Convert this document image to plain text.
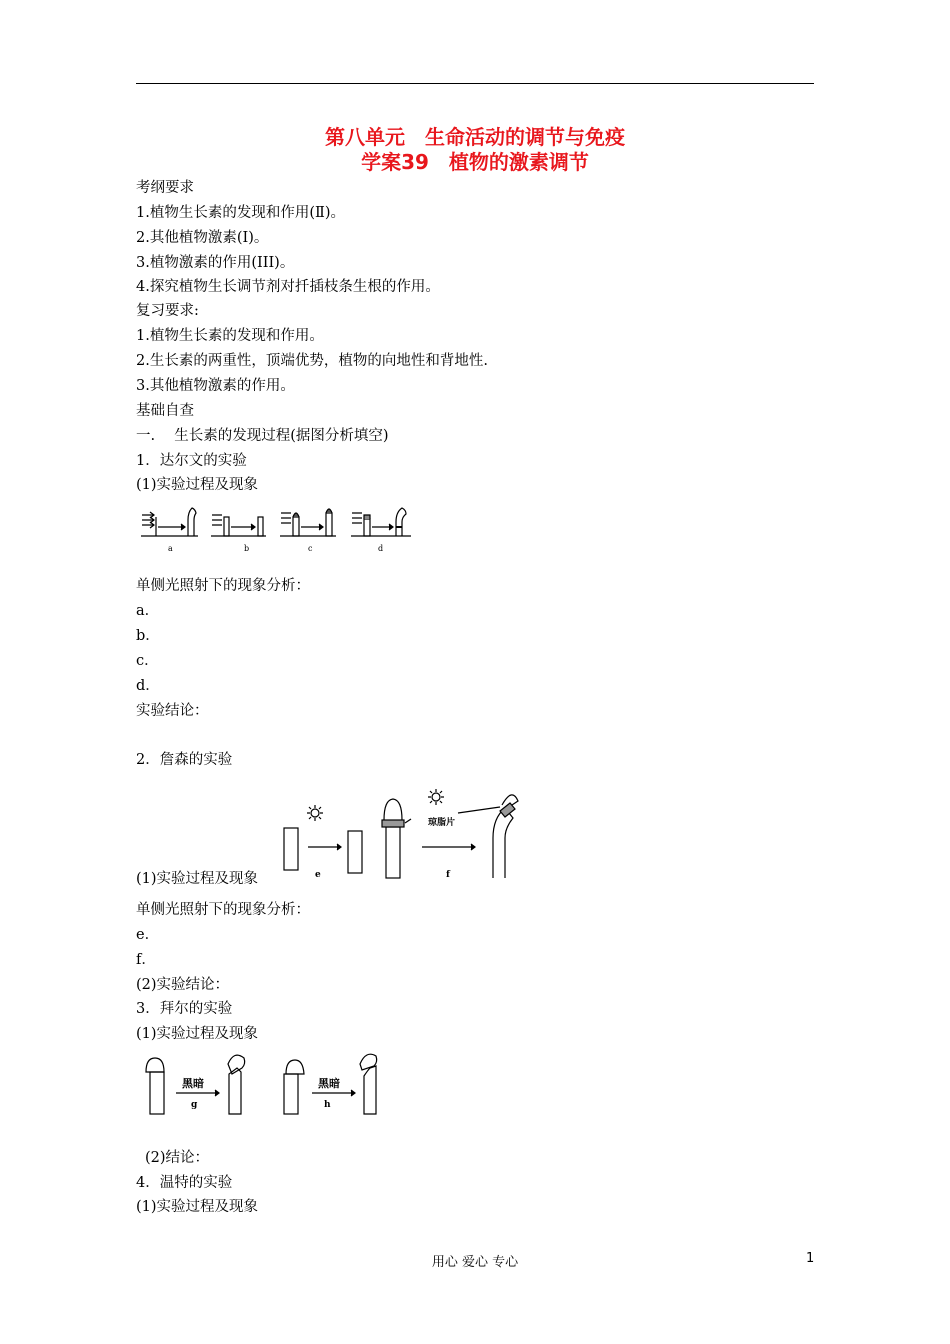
第八单元　生命活动的调节与免疫
学案39　植物的激素调节
考纲要求
1.植物生长素的发现和作用(Ⅱ)。
2.其他植物激素(Ⅰ)。
3.植物激素的作用(III)。
4.探究植物生长调节剂对扦插枝条生根的作用。
复习要求:
1.植物生长素的发现和作用。
2.生长素的两重性，顶端优势，植物的向地性和背地性.
3.其他植物激素的作用。
基础自查
一.　 生长素的发现过程(据图分析填空)
1．达尔文的实验
(1)实验过程及现象
a	b	c	d
单侧光照射下的现象分析：
a．
b．
c．
d．
实验结论：
2．詹森的实验
琼脂片
e	f
(1)实验过程及现象
单侧光照射下的现象分析：
e．
f．
(2)实验结论：
3．拜尔的实验
(1)实验过程及现象
黑暗	黑暗
g	h
(2)结论：
4．温特的实验
(1)实验过程及现象
用心 爱心 专心	1
